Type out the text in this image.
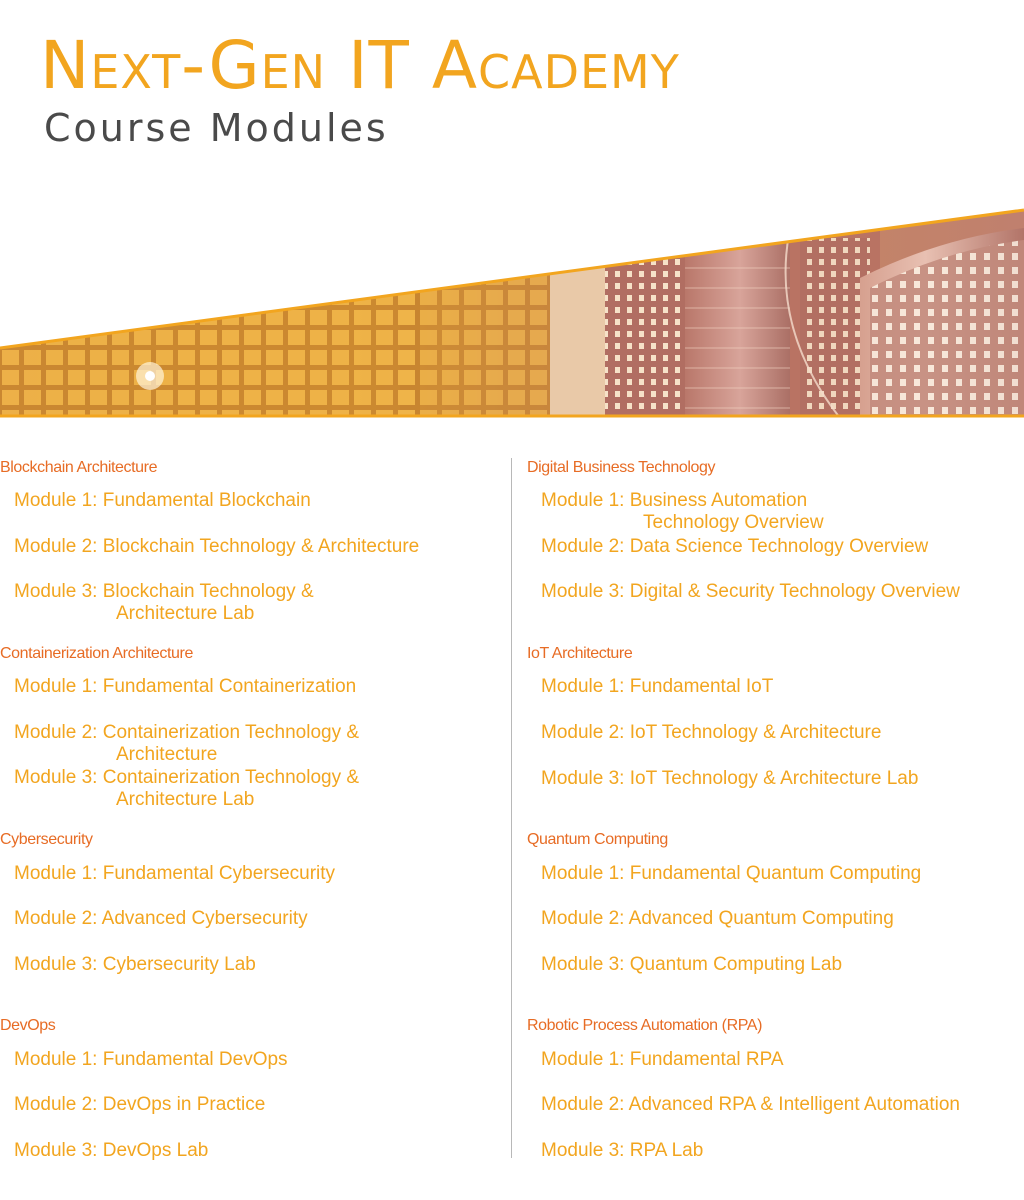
Next-Gen IT Academy
Course Modules
Blockchain Architecture
Module 1: Fundamental Blockchain
Module 2: Blockchain Technology & Architecture
Module 3: Blockchain Technology &
Architecture Lab
Containerization Architecture
Module 1: Fundamental Containerization
Module 2: Containerization Technology &
Architecture
Module 3: Containerization Technology &
Architecture Lab
Cybersecurity
Module 1: Fundamental Cybersecurity
Module 2: Advanced Cybersecurity
Module 3: Cybersecurity Lab
DevOps
Module 1: Fundamental DevOps
Module 2: DevOps in Practice
Module 3: DevOps Lab
Digital Business Technology
Module 1: Business Automation
Technology Overview
Module 2: Data Science Technology Overview
Module 3: Digital & Security Technology Overview
IoT Architecture
Module 1: Fundamental IoT
Module 2: IoT Technology & Architecture
Module 3: IoT Technology & Architecture Lab
Quantum Computing
Module 1: Fundamental Quantum Computing
Module 2: Advanced Quantum Computing
Module 3: Quantum Computing Lab
Robotic Process Automation (RPA)
Module 1: Fundamental RPA
Module 2: Advanced RPA & Intelligent Automation
Module 3: RPA Lab
